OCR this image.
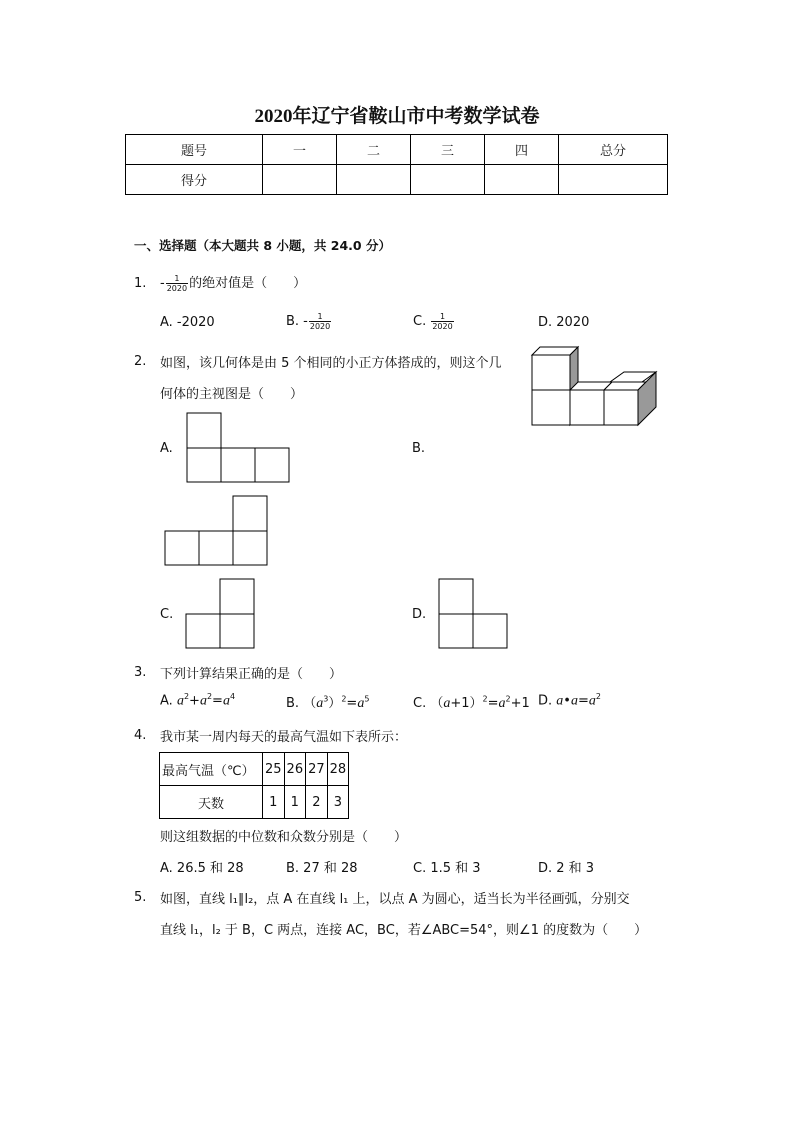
2020年辽宁省鞍山市中考数学试卷
题号	一	二	三	四	总分
得分					
一、选择题（本大题共 8 小题，共 24.0 分）
1. - $\frac{1}{2020}$ 的绝对值是（　　）
A. -2020	B. - $\frac{1}{2020}$	C. $\frac{1}{2020}$	D. 2020
2. 如图，该几何体是由 5 个相同的小正方体搭成的，则这个几
何体的主视图是（　　）
A.	B.
C.	D.
3. 下列计算结果正确的是（　　）
A. $a^2+a^2=a^4$	B. $(a^3)^2=a^5$	C. $(a+1)^2=a^2+1$ D. $a•a=a^2$
4. 我市某一周内每天的最高气温如下表所示：
最高气温（℃）	25	26	27	28
天数	1	1	2	3
则这组数据的中位数和众数分别是（　　）
A. 26.5 和 28	B. 27 和 28	C. 1.5 和 3	D. 2 和 3
5. 如图，直线 l₁∥l₂，点 A 在直线 l₁ 上，以点 A 为圆心，适当长为半径画弧，分别交
直线 l₁，l₂ 于 B，C 两点，连接 AC，BC，若∠ABC=54°，则∠1 的度数为（　　）
